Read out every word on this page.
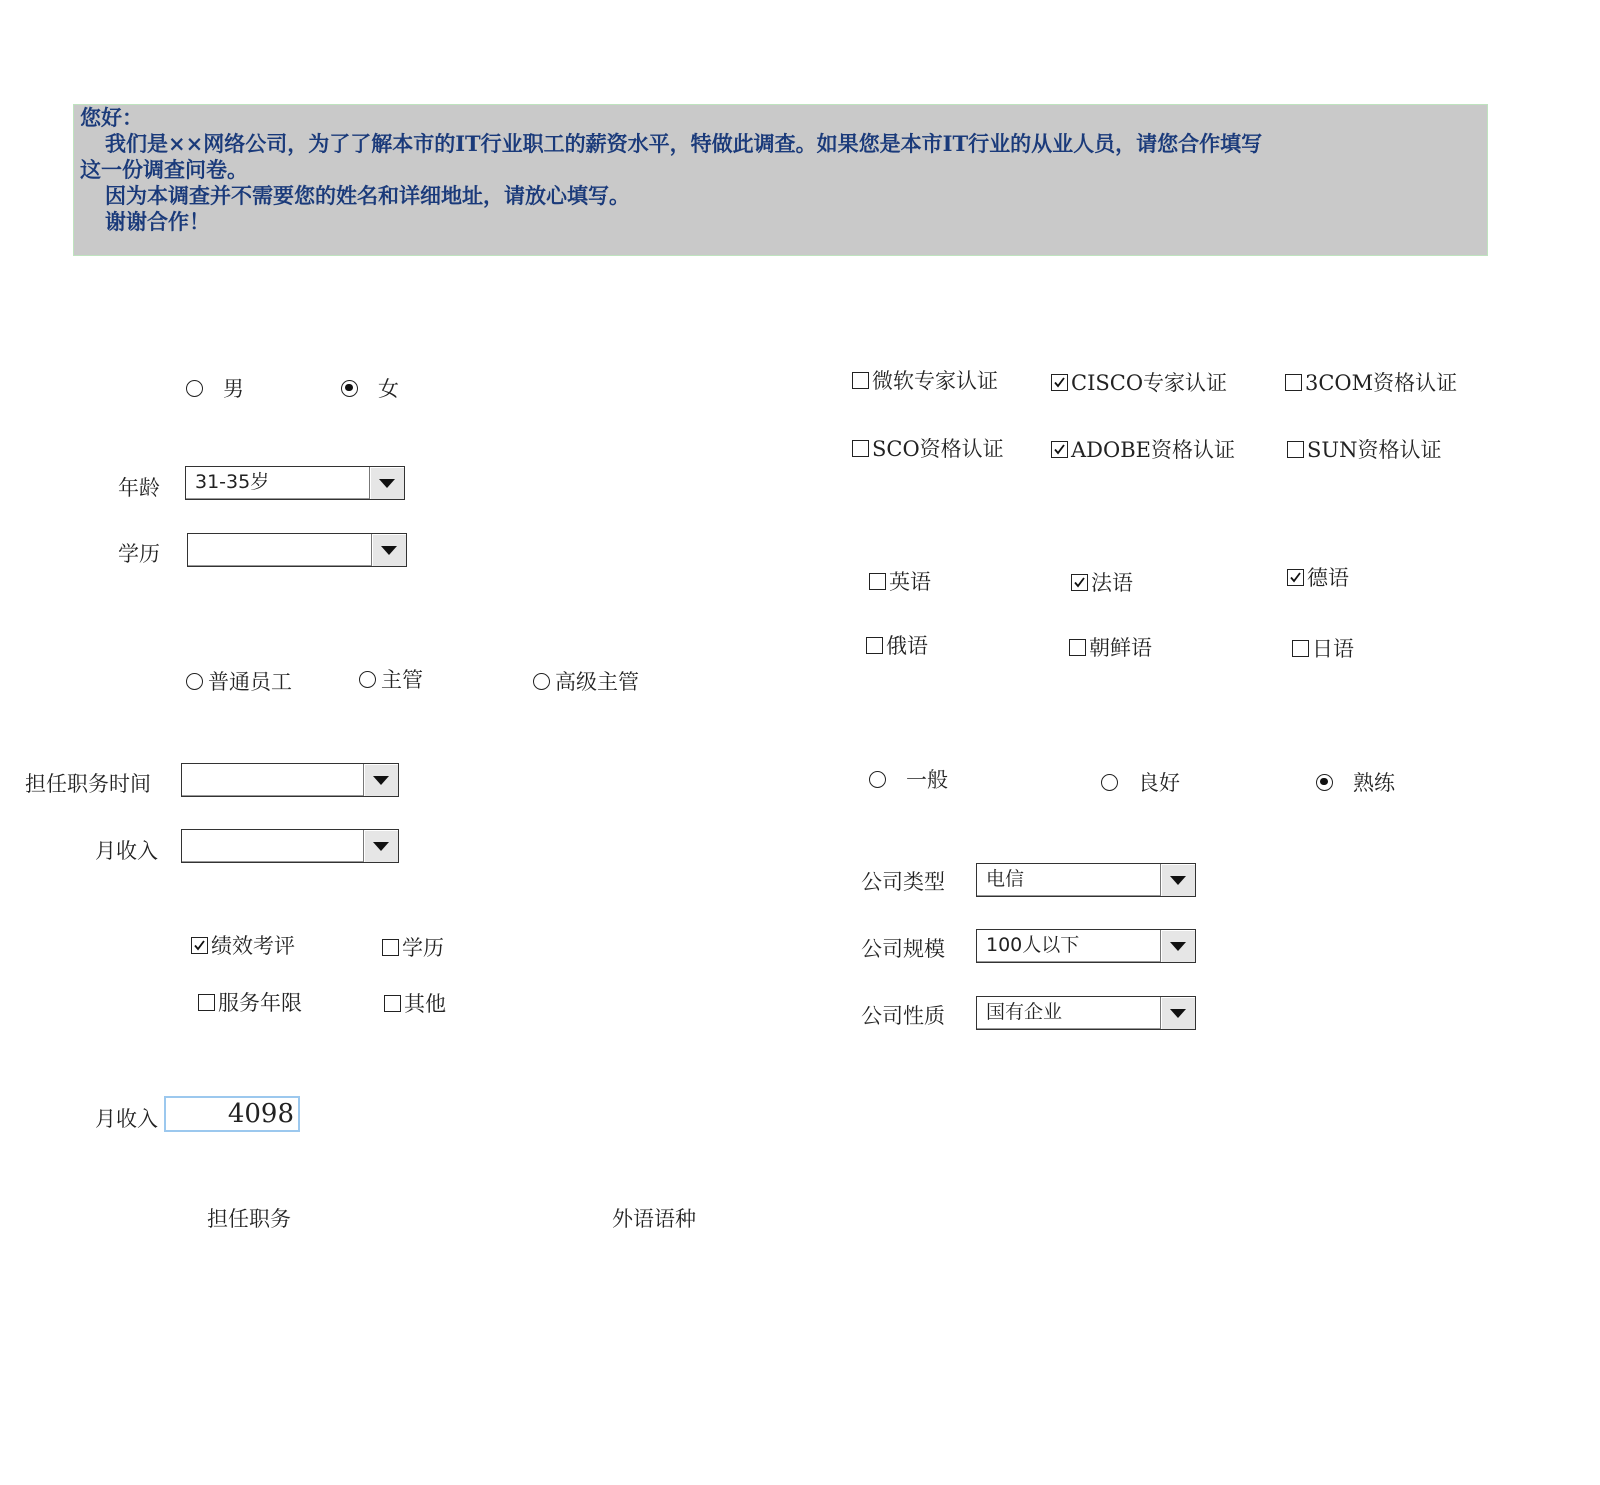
您好：
我们是××网络公司，为了了解本市的IT行业职工的薪资水平，特做此调查。如果您是本市IT行业的从业人员，请您合作填写
这一份调查问卷。
因为本调查并不需要您的姓名和详细地址，请放心填写。
谢谢合作！
男	女
年龄	31-35岁
学历
普通员工	主管	高级主管
担任职务时间
月收入
绩效考评	学历
服务年限	其他
月收入	4098
担任职务	外语语种
微软专家认证	CISCO专家认证	3COM资格认证
SCO资格认证	ADOBE资格认证	SUN资格认证
英语	法语	德语
俄语	朝鲜语	日语
一般	良好	熟练
公司类型	电信
公司规模	100人以下
公司性质	国有企业
